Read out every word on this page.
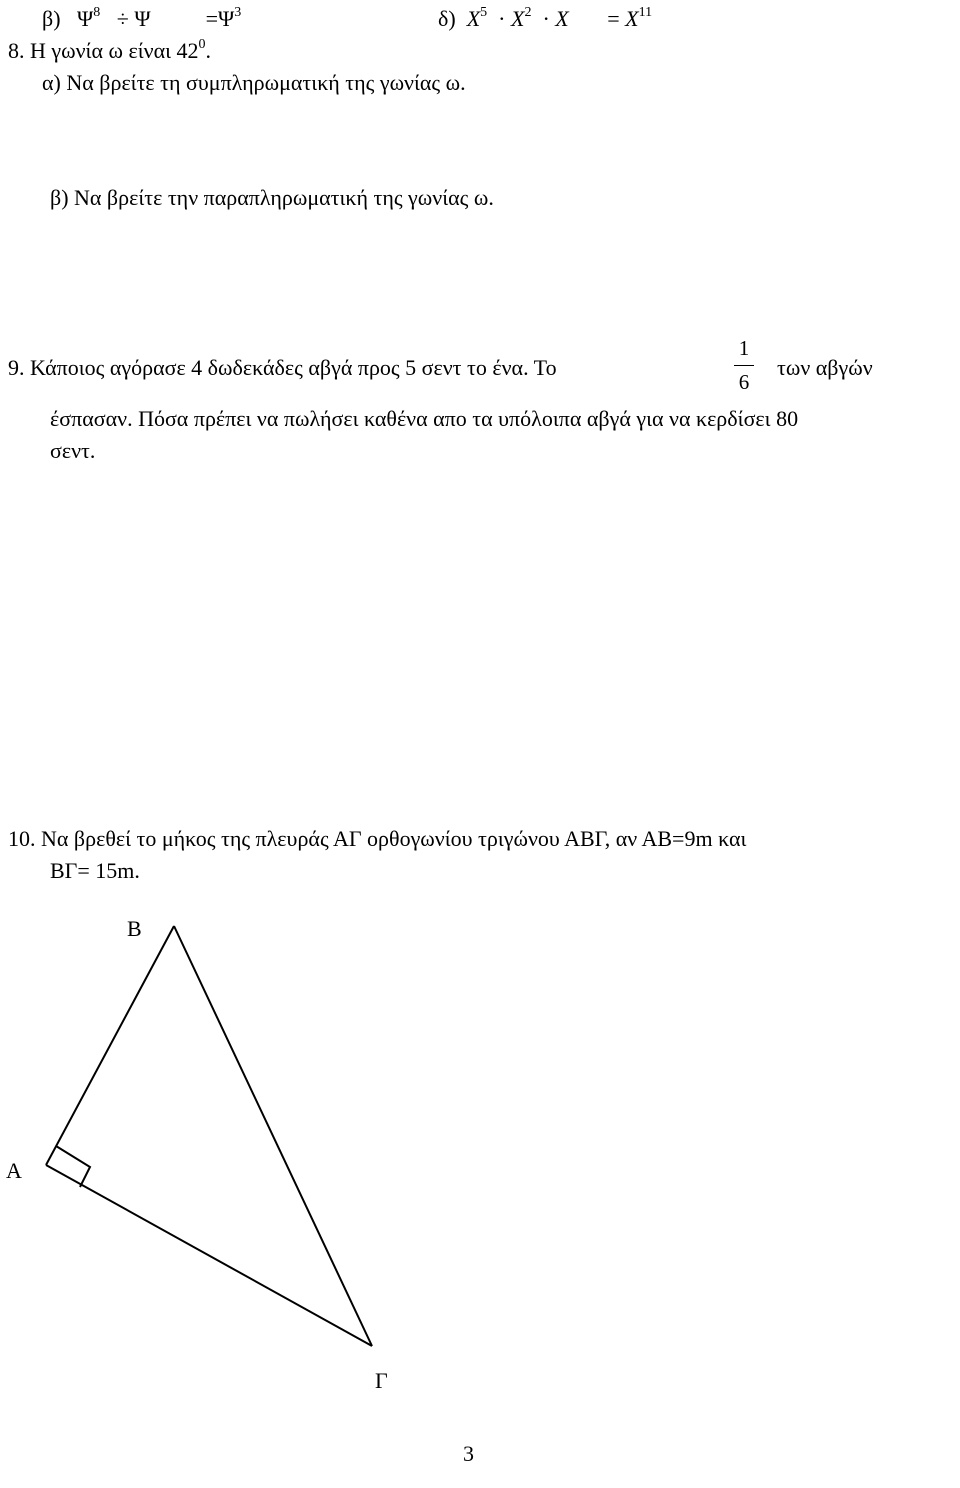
β) $\Psi^8 \div \Psi$	$=\Psi^3$	δ) $X^5 \cdot X^2 \cdot X = X^{11}$
8. Η γωνία ω είναι $42^0$.
α) Να βρείτε τη συμπληρωματική της γωνίας ω.
β) Να βρείτε την παραπληρωματική της γωνίας ω.
9. Κάποιος αγόρασε 4 δωδεκάδες αβγά προς 5 σεντ το ένα. Το
1
6
των αβγών
έσπασαν. Πόσα πρέπει να πωλήσει καθένα απο τα υπόλοιπα αβγά για να κερδίσει 80
σεντ.
10. Να βρεθεί το μήκος της πλευράς ΑΓ ορθογωνίου τριγώνου ΑΒΓ, αν ΑΒ=9m και
ΒΓ= 15m.
Β
Α
Γ
3
